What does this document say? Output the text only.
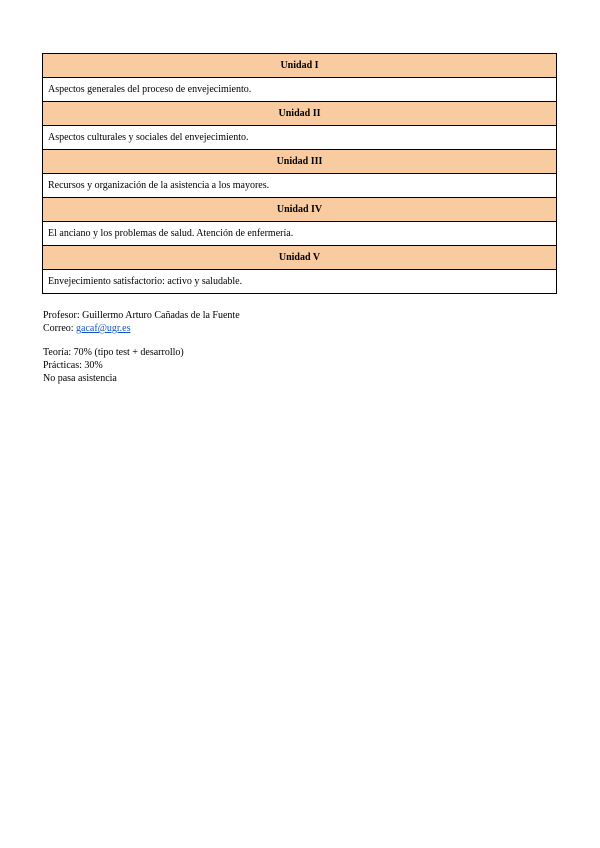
Unidad I
Aspectos generales del proceso de envejecimiento.
Unidad II
Aspectos culturales y sociales del envejecimiento.
Unidad III
Recursos y organización de la asistencia a los mayores.
Unidad IV
El anciano y los problemas de salud. Atención de enfermería.
Unidad V
Envejecimiento satisfactorio: activo y saludable.
Profesor: Guillermo Arturo Cañadas de la Fuente
Correo: gacaf@ugr.es
Teoría: 70% (tipo test + desarrollo)
Prácticas: 30%
No pasa asistencia
